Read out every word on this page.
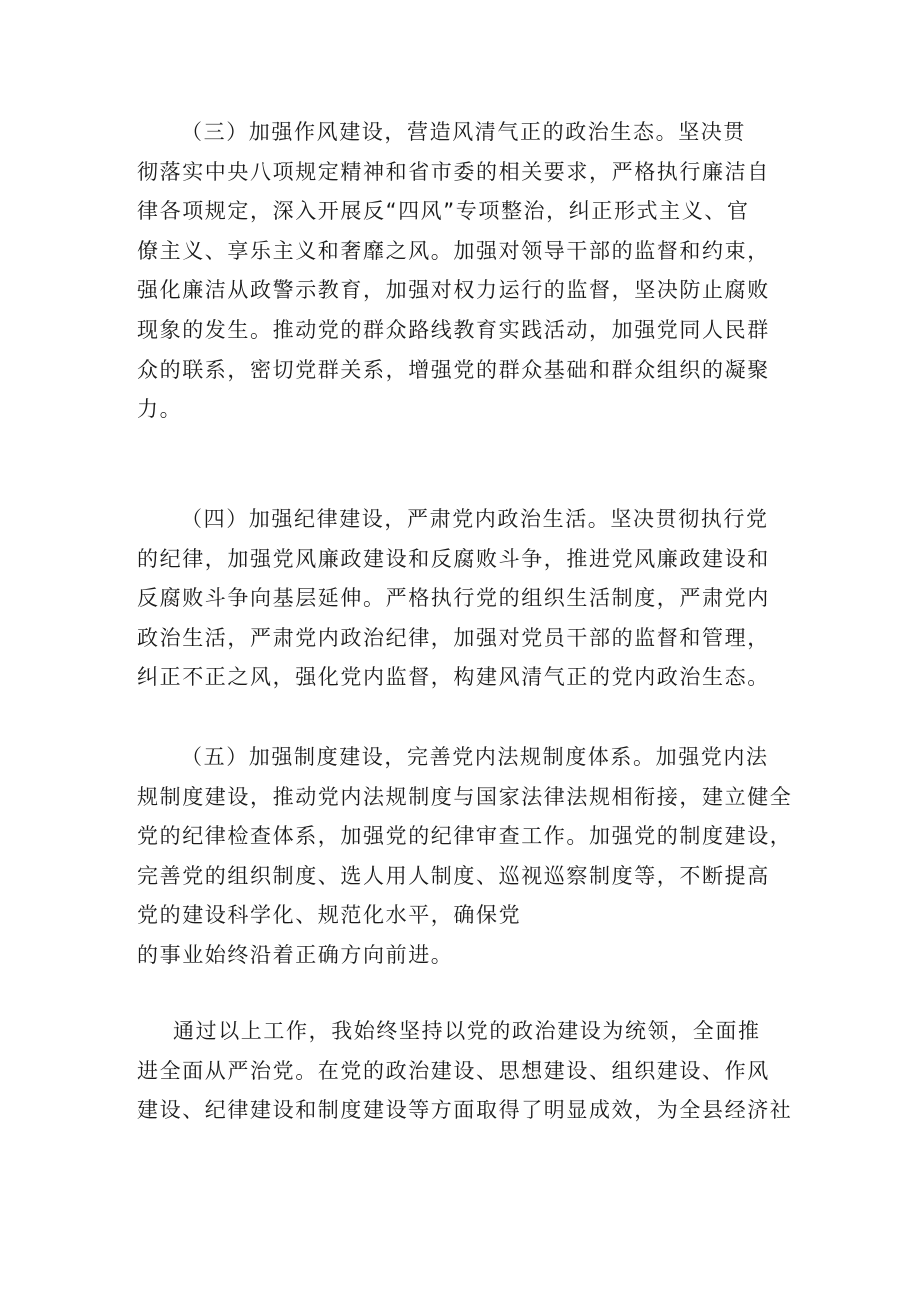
（三）加强作风建设，营造风清气正的政治生态。坚决贯
彻落实中央八项规定精神和省市委的相关要求，严格执行廉洁自
律各项规定，深入开展反“四风”专项整治，纠正形式主义、官
僚主义、享乐主义和奢靡之风。加强对领导干部的监督和约束，
强化廉洁从政警示教育，加强对权力运行的监督，坚决防止腐败
现象的发生。推动党的群众路线教育实践活动，加强党同人民群
众的联系，密切党群关系，增强党的群众基础和群众组织的凝聚
力。
（四）加强纪律建设，严肃党内政治生活。坚决贯彻执行党
的纪律，加强党风廉政建设和反腐败斗争，推进党风廉政建设和
反腐败斗争向基层延伸。严格执行党的组织生活制度，严肃党内
政治生活，严肃党内政治纪律，加强对党员干部的监督和管理，
纠正不正之风，强化党内监督，构建风清气正的党内政治生态。
（五）加强制度建设，完善党内法规制度体系。加强党内法
规制度建设，推动党内法规制度与国家法律法规相衔接，建立健全
党的纪律检查体系，加强党的纪律审查工作。加强党的制度建设，
完善党的组织制度、选人用人制度、巡视巡察制度等，不断提高
党的建设科学化、规范化水平，确保党
的事业始终沿着正确方向前进。
通过以上工作，我始终坚持以党的政治建设为统领，全面推
进全面从严治党。在党的政治建设、思想建设、组织建设、作风
建设、纪律建设和制度建设等方面取得了明显成效，为全县经济社
